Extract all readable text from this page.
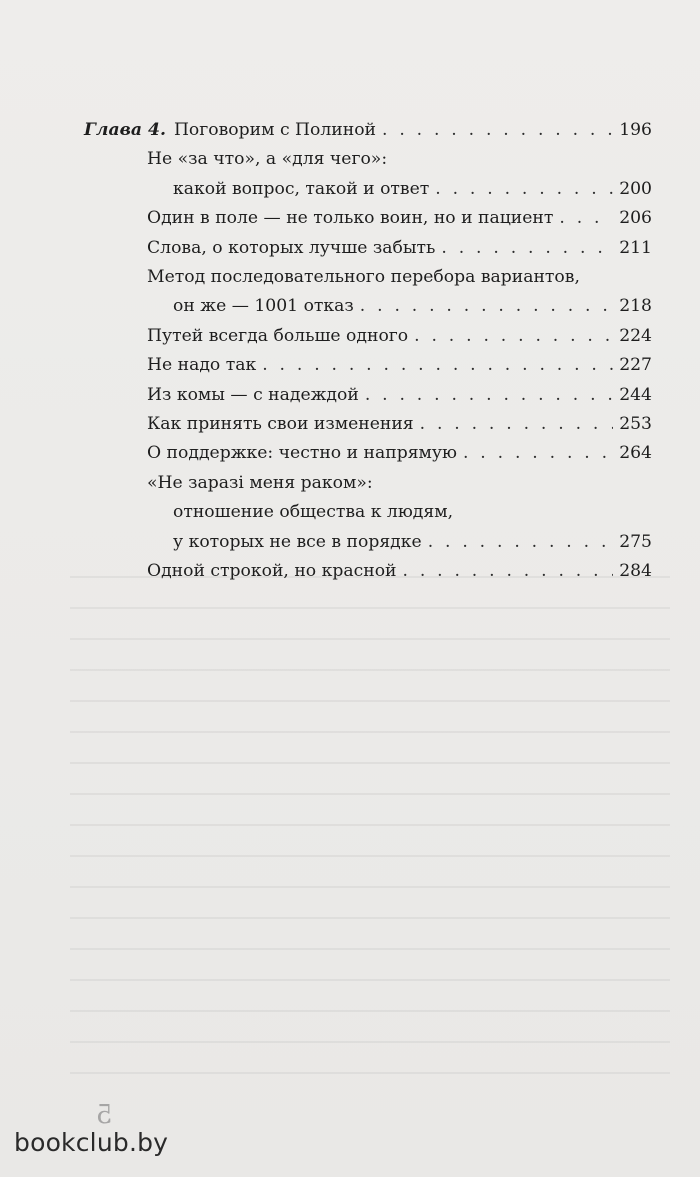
Глава 4. Поговорим с Полиной . . .	196
Не «за что», а «для чего»:
какой вопрос, такой и ответ . . .	200
Один в поле — не только воин, но и пациент . . .	206
Слова, о которых лучше забыть . . .	211
Метод последовательного перебора вариантов,
он же — 1001 отказ . . .	218
Путей всегда больше одного . . .	224
Не надо так . . .	227
Из комы — с надеждой . . .	244
Как принять свои изменения . . .	253
О поддержке: честно и напрямую . . .	264
«Не заразі меня раком»:
отношение общества к людям,
у которых не все в порядке . . .	275
Одной строкой, но красной . . .	284
5
bookclub.by
